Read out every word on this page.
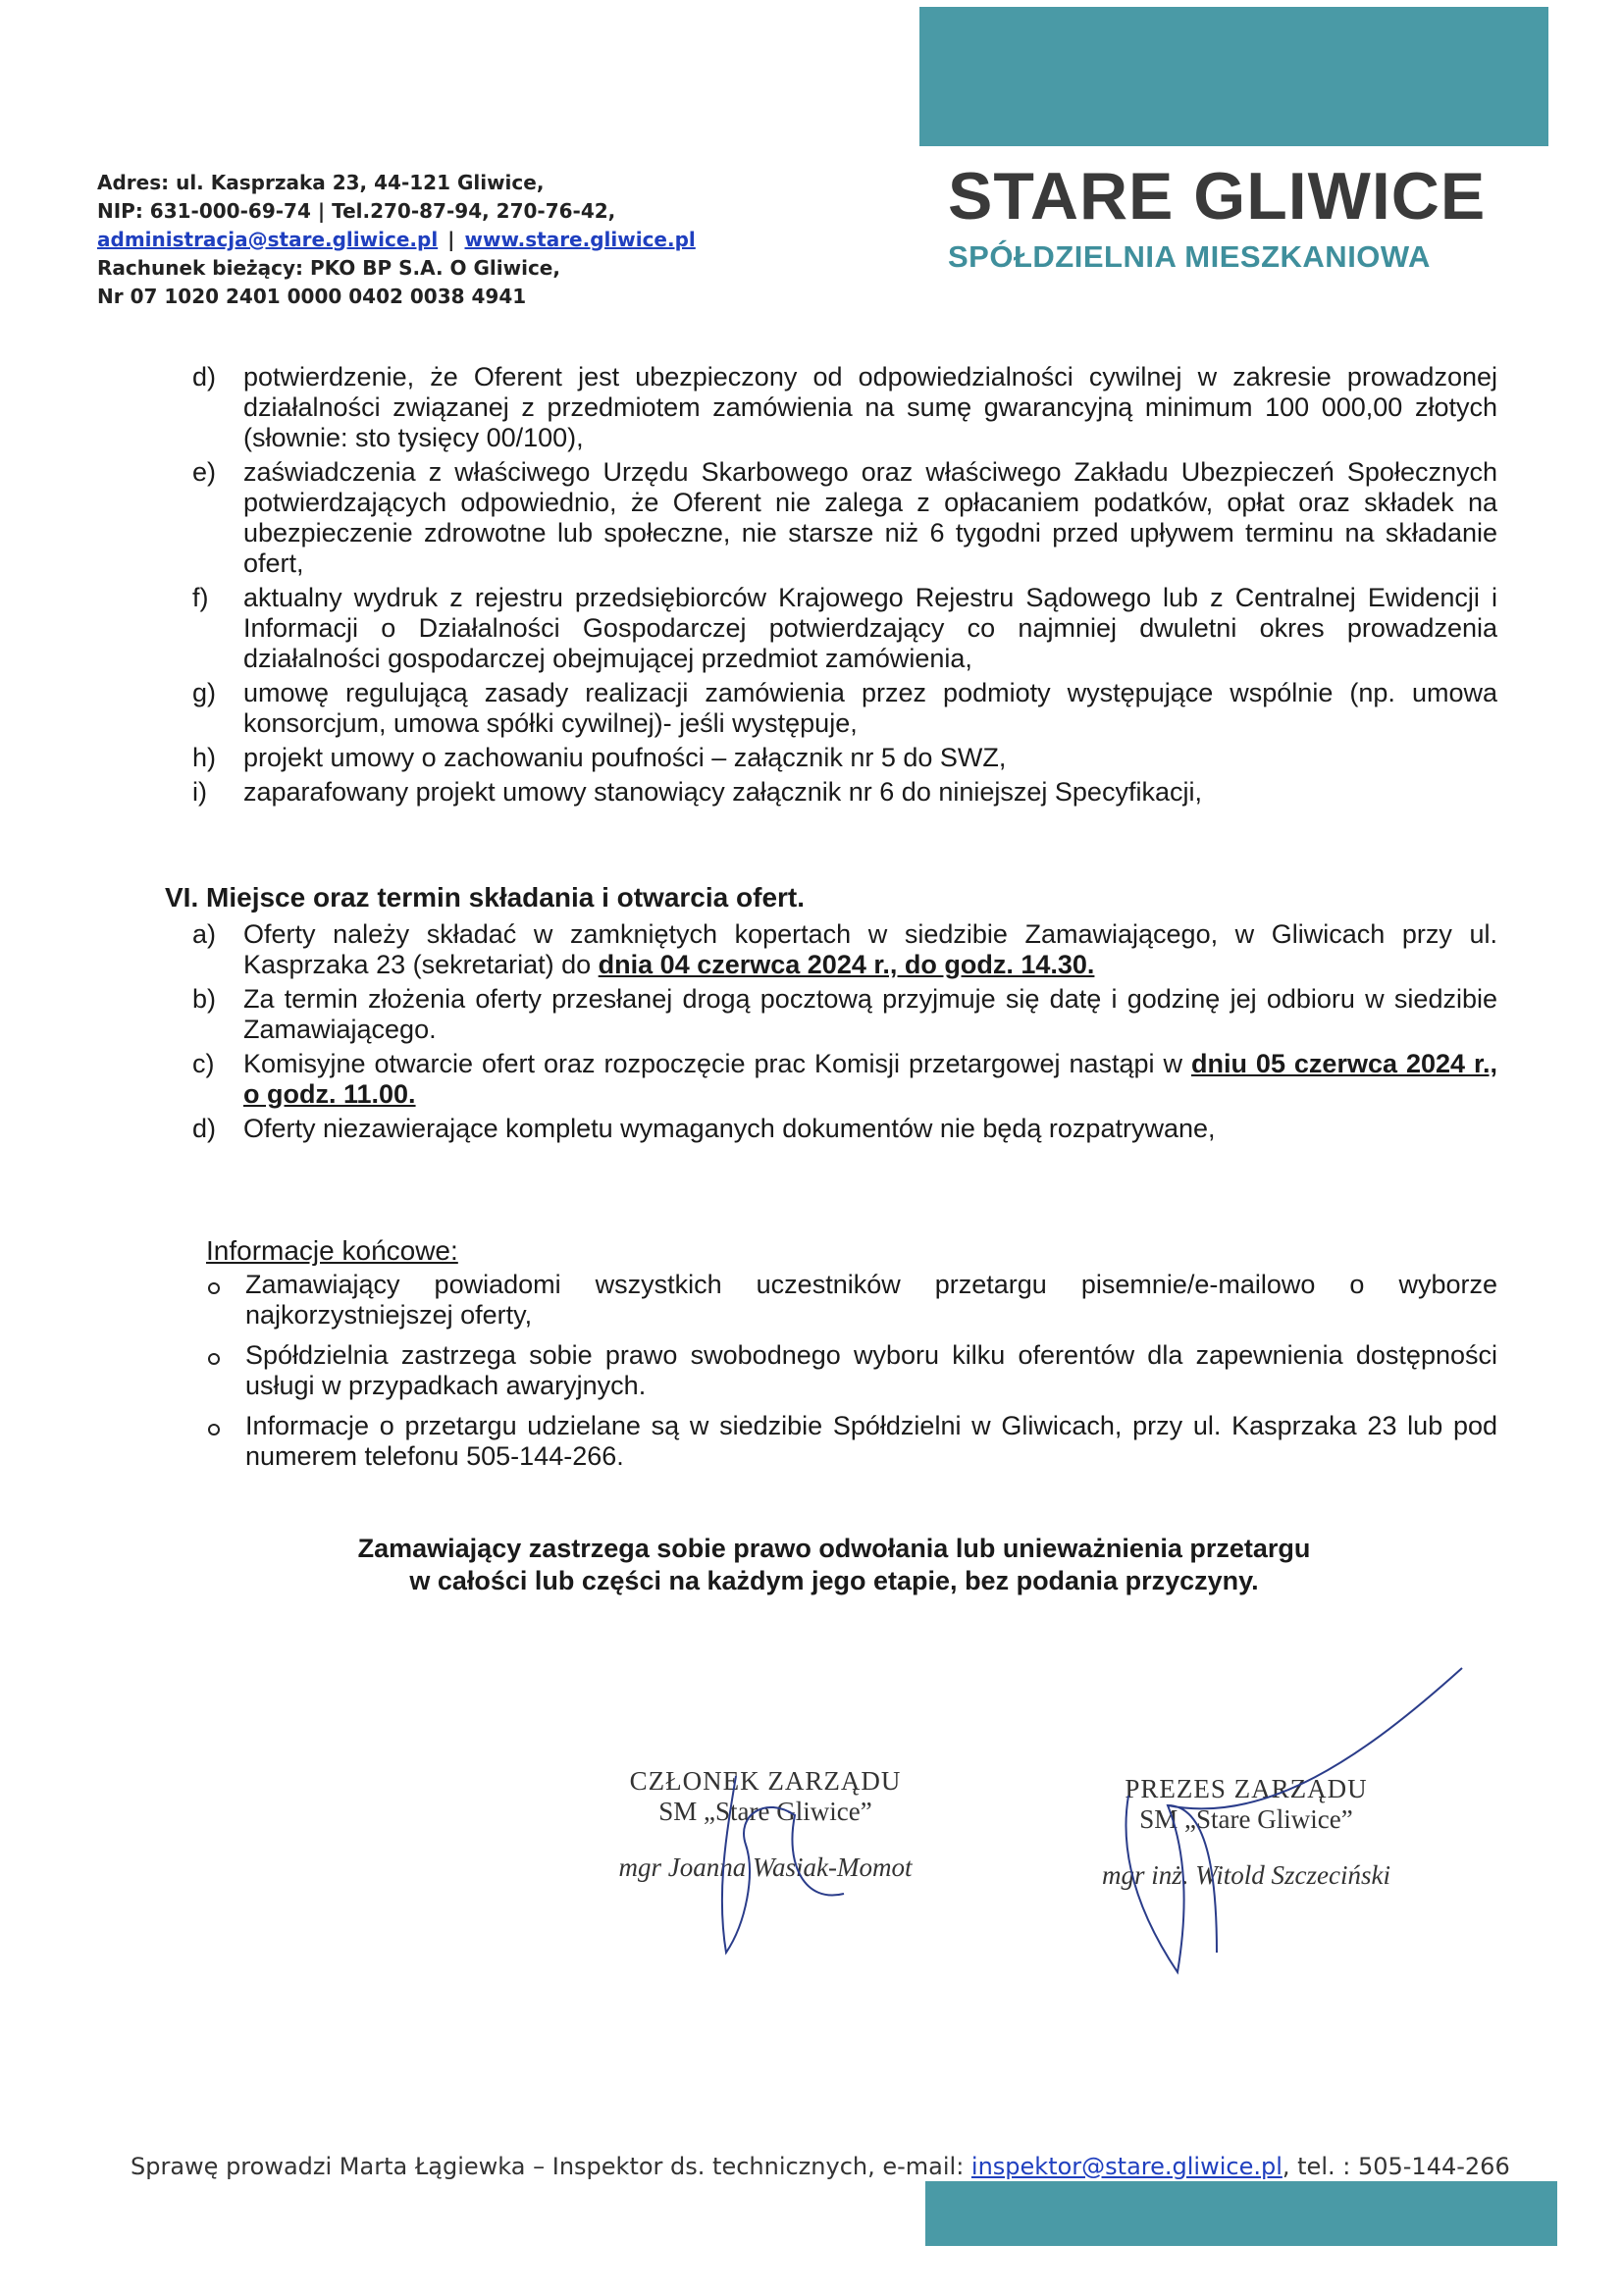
Adres: ul. Kasprzaka 23, 44-121 Gliwice,
NIP: 631-000-69-74 | Tel.270-87-94, 270-76-42,
administracja@stare.gliwice.pl | www.stare.gliwice.pl
Rachunek bieżący: PKO BP S.A. O Gliwice,
Nr 07 1020 2401 0000 0402 0038 4941
STARE GLIWICE
SPÓŁDZIELNIA MIESZKANIOWA
d) potwierdzenie, że Oferent jest ubezpieczony od odpowiedzialności cywilnej w zakresie prowadzonej działalności związanej z przedmiotem zamówienia na sumę gwarancyjną minimum 100 000,00 złotych (słownie: sto tysięcy 00/100),
e) zaświadczenia z właściwego Urzędu Skarbowego oraz właściwego Zakładu Ubezpieczeń Społecznych potwierdzających odpowiednio, że Oferent nie zalega z opłacaniem podatków, opłat oraz składek na ubezpieczenie zdrowotne lub społeczne, nie starsze niż 6 tygodni przed upływem terminu na składanie ofert,
f) aktualny wydruk z rejestru przedsiębiorców Krajowego Rejestru Sądowego lub z Centralnej Ewidencji i Informacji o Działalności Gospodarczej potwierdzający co najmniej dwuletni okres prowadzenia działalności gospodarczej obejmującej przedmiot zamówienia,
g) umowę regulującą zasady realizacji zamówienia przez podmioty występujące wspólnie (np. umowa konsorcjum, umowa spółki cywilnej)- jeśli występuje,
h) projekt umowy o zachowaniu poufności – załącznik nr 5 do SWZ,
i) zaparafowany projekt umowy stanowiący załącznik nr 6 do niniejszej Specyfikacji,
VI. Miejsce oraz termin składania i otwarcia ofert.
a) Oferty należy składać w zamkniętych kopertach w siedzibie Zamawiającego, w Gliwicach przy ul. Kasprzaka 23 (sekretariat) do dnia 04 czerwca 2024 r., do godz. 14.30.
b) Za termin złożenia oferty przesłanej drogą pocztową przyjmuje się datę i godzinę jej odbioru w siedzibie Zamawiającego.
c) Komisyjne otwarcie ofert oraz rozpoczęcie prac Komisji przetargowej nastąpi w dniu 05 czerwca 2024 r., o godz. 11.00.
d) Oferty niezawierające kompletu wymaganych dokumentów nie będą rozpatrywane,
Informacje końcowe:
Zamawiający powiadomi wszystkich uczestników przetargu pisemnie/e-mailowo o wyborze najkorzystniejszej oferty,
Spółdzielnia zastrzega sobie prawo swobodnego wyboru kilku oferentów dla zapewnienia dostępności usługi w przypadkach awaryjnych.
Informacje o przetargu udzielane są w siedzibie Spółdzielni w Gliwicach, przy ul. Kasprzaka 23 lub pod numerem telefonu 505-144-266.
Zamawiający zastrzega sobie prawo odwołania lub unieważnienia przetargu
w całości lub części na każdym jego etapie, bez podania przyczyny.
CZŁONEK ZARZĄDU
SM „Stare Gliwice”
mgr Joanna Wasiak-Momot
PREZES ZARZĄDU
SM „Stare Gliwice”
mgr inż. Witold Szczeciński
Sprawę prowadzi Marta Łągiewka – Inspektor ds. technicznych, e-mail: inspektor@stare.gliwice.pl, tel. : 505-144-266
